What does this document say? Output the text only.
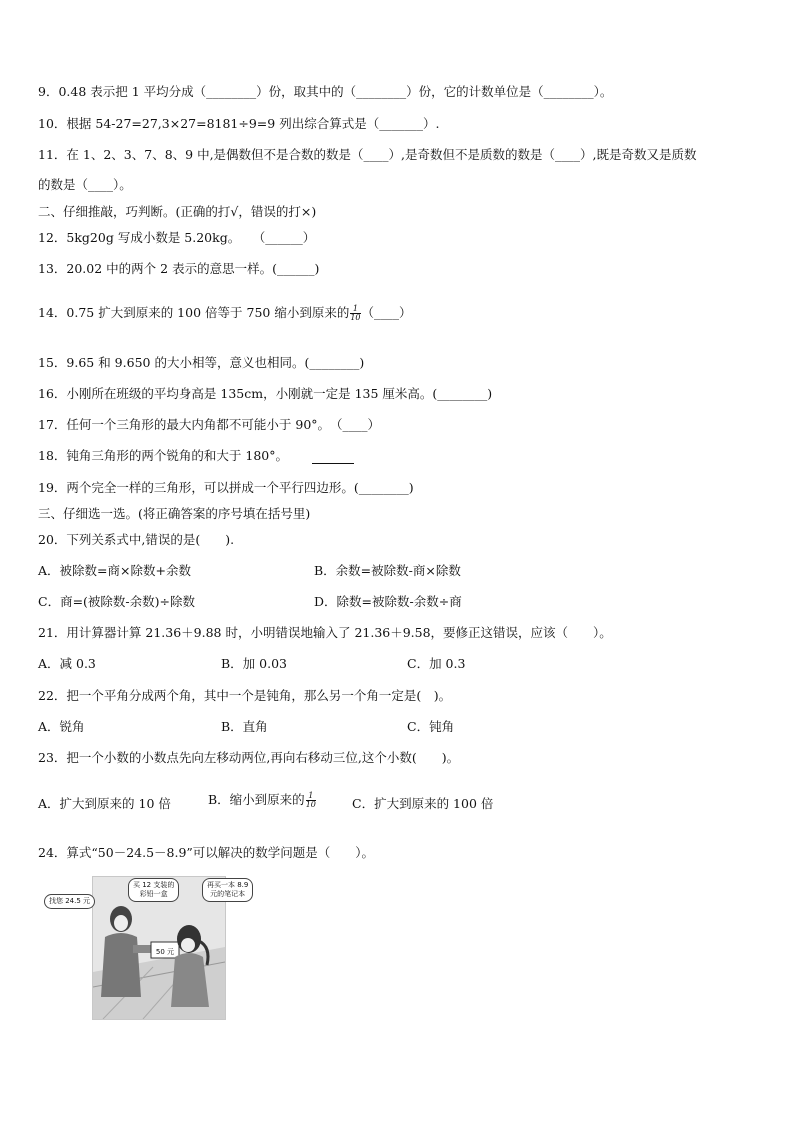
9．0.48 表示把 1 平均分成（________）份，取其中的（________）份，它的计数单位是（________）。
10．根据 54-27=27,3×27=8181÷9=9 列出综合算式是（_______）.
11．在 1、2、3、7、8、9 中,是偶数但不是合数的数是（____）,是奇数但不是质数的数是（____）,既是奇数又是质数
的数是（____）。
二、仔细推敲，巧判断。(正确的打√，错误的打×)
12．5kg20g 写成小数是 5.20kg。　　（______）
13．20.02 中的两个 2 表示的意思一样。(______)
14．0.75 扩大到原来的 100 倍等于 750 缩小到原来的 $\frac{1}{10}$ （____）
15．9.65 和 9.650 的大小相等，意义也相同。(________)
16．小刚所在班级的平均身高是 135cm，小刚就一定是 135 厘米高。(________)
17．任何一个三角形的最大内角都不可能小于 90°。　（____）
18．钝角三角形的两个锐角的和大于 180°。
19．两个完全一样的三角形，可以拼成一个平行四边形。(________)
三、仔细选一选。(将正确答案的序号填在括号里)
20．下列关系式中,错误的是(　　).
A．被除数=商×除数+余数	B．余数=被除数-商×除数
C．商=(被除数-余数)÷除数	D．除数=被除数-余数÷商
21．用计算器计算 21.36＋9.88 时，小明错误地输入了 21.36＋9.58，要修正这错误，应该（　　）。
A．减 0.3	B．加 0.03	C．加 0.3
22．把一个平角分成两个角，其中一个是钝角，那么另一个角一定是(　)。
A．锐角	B．直角	C．钝角
23．把一个小数的小数点先向左移动两位,再向右移动三位,这个小数(　　)。
A．扩大到原来的 10 倍	B．缩小到原来的 $\frac{1}{10}$	C．扩大到原来的 100 倍
24．算式“50－24.5－8.9”可以解决的数学问题是（　　）。
50 元
找您 24.5 元
买 12 支装的
彩铅一盒
再买一本 8.9
元的笔记本
